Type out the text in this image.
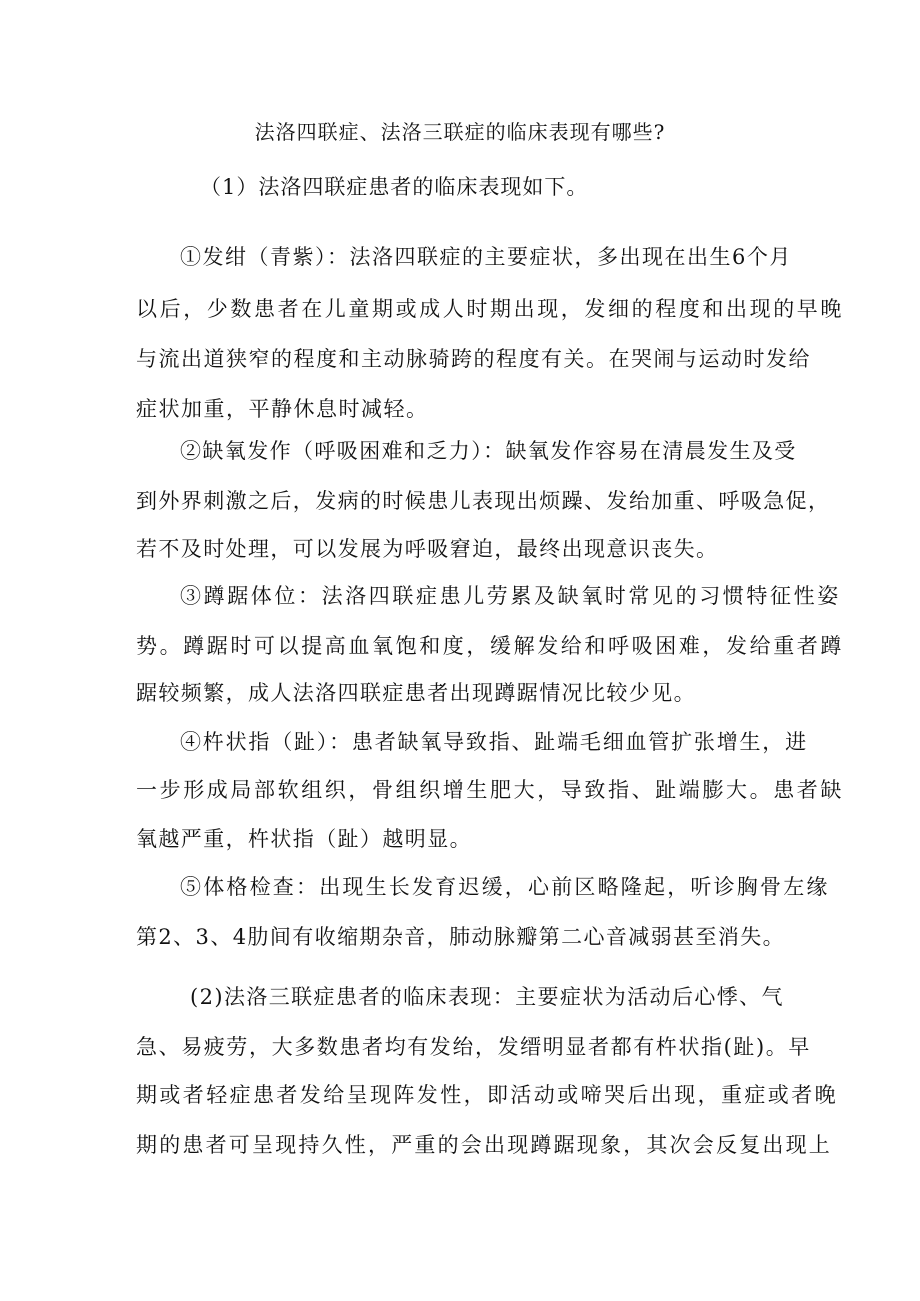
法洛四联症、法洛三联症的临床表现有哪些?
（1）法洛四联症患者的临床表现如下。
①发绀（青紫）：法洛四联症的主要症状，多出现在出生6个月
以后，少数患者在儿童期或成人时期出现，发细的程度和出现的早晚
与流出道狭窄的程度和主动脉骑跨的程度有关。在哭闹与运动时发给
症状加重，平静休息时减轻。
②缺氧发作（呼吸困难和乏力）：缺氧发作容易在清晨发生及受
到外界刺激之后，发病的时候患儿表现出烦躁、发绐加重、呼吸急促，
若不及时处理，可以发展为呼吸窘迫，最终出现意识丧失。
③蹲踞体位：法洛四联症患儿劳累及缺氧时常见的习惯特征性姿
势。蹲踞时可以提高血氧饱和度，缓解发给和呼吸困难，发给重者蹲
踞较频繁，成人法洛四联症患者出现蹲踞情况比较少见。
④杵状指（趾）：患者缺氧导致指、趾端毛细血管扩张增生，进
一步形成局部软组织，骨组织增生肥大，导致指、趾端膨大。患者缺
氧越严重，杵状指（趾）越明显。
⑤体格检查：出现生长发育迟缓，心前区略隆起，听诊胸骨左缘
第2、3、4肋间有收缩期杂音，肺动脉瓣第二心音减弱甚至消失。
(2)法洛三联症患者的临床表现：主要症状为活动后心悸、气
急、易疲劳，大多数患者均有发绐，发缙明显者都有杵状指(趾)。早
期或者轻症患者发给呈现阵发性，即活动或啼哭后出现，重症或者晚
期的患者可呈现持久性，严重的会出现蹲踞现象，其次会反复出现上
